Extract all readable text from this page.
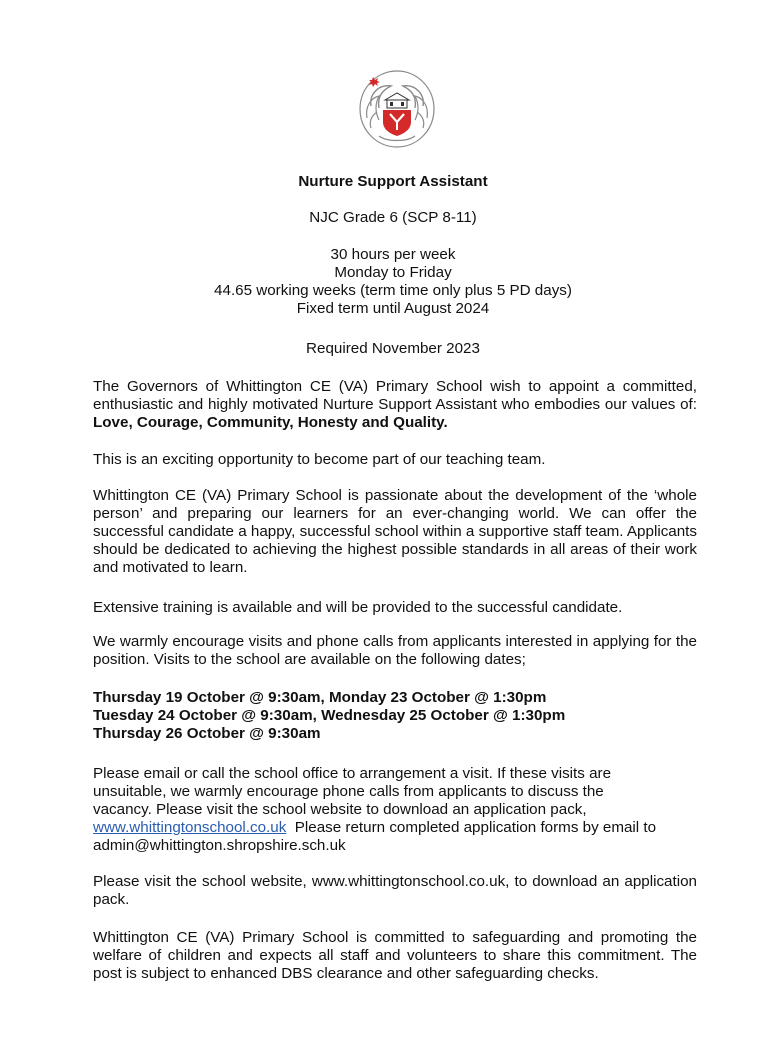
Nurture Support Assistant
NJC Grade 6 (SCP 8-11)
30 hours per week
Monday to Friday
44.65 working weeks (term time only plus 5 PD days)
Fixed term until August 2024
Required November 2023

The Governors of Whittington CE (VA) Primary School wish to appoint a committed, enthusiastic and highly motivated Nurture Support Assistant who embodies our values of: Love, Courage, Community, Honesty and Quality.

This is an exciting opportunity to become part of our teaching team.

Whittington CE (VA) Primary School is passionate about the development of the ‘whole person’ and preparing our learners for an ever-changing world. We can offer the successful candidate a happy, successful school within a supportive staff team. Applicants should be dedicated to achieving the highest possible standards in all areas of their work and motivated to learn.

Extensive training is available and will be provided to the successful candidate.

We warmly encourage visits and phone calls from applicants interested in applying for the position. Visits to the school are available on the following dates;

Thursday 19 October @ 9:30am, Monday 23 October @ 1:30pm
Tuesday 24 October @ 9:30am, Wednesday 25 October @ 1:30pm
Thursday 26 October @ 9:30am
Please email or call the school office to arrangement a visit. If these visits are
unsuitable, we warmly encourage phone calls from applicants to discuss the
vacancy. Please visit the school website to download an application pack,
www.whittingtonschool.co.uk  Please return completed application forms by email to
admin@whittington.shropshire.sch.uk

Please visit the school website, www.whittingtonschool.co.uk, to download an application pack.

Whittington CE (VA) Primary School is committed to safeguarding and promoting the welfare of children and expects all staff and volunteers to share this commitment. The post is subject to enhanced DBS clearance and other safeguarding checks.
